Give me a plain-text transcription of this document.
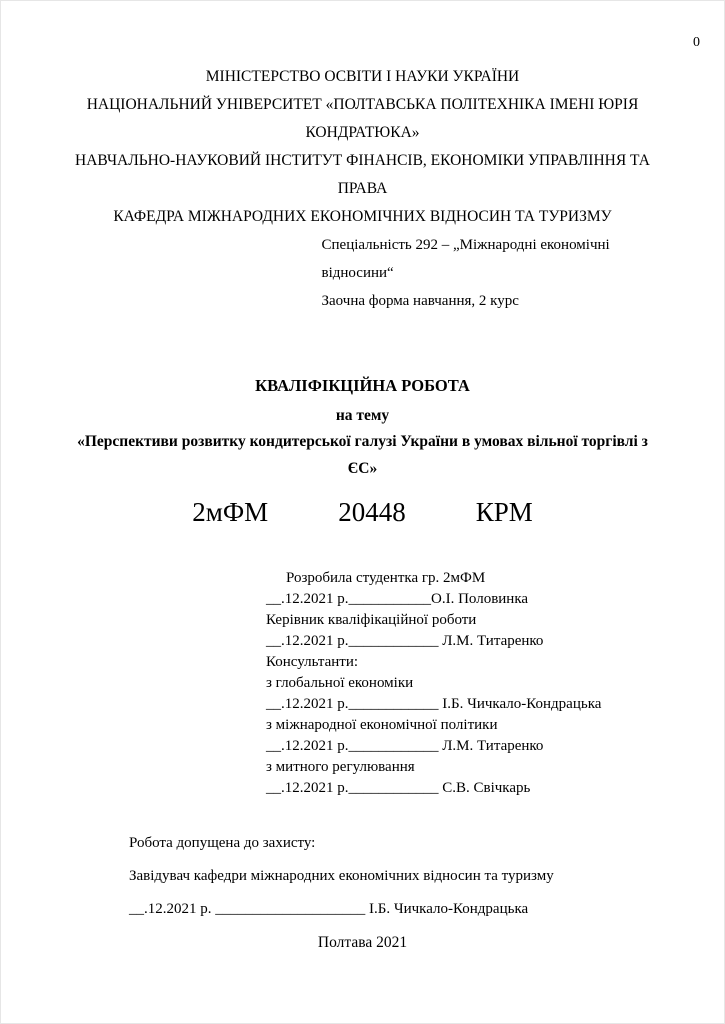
0
МІНІСТЕРСТВО ОСВІТИ І НАУКИ УКРАЇНИ
НАЦІОНАЛЬНИЙ УНІВЕРСИТЕТ «ПОЛТАВСЬКА ПОЛІТЕХНІКА ІМЕНІ ЮРІЯ КОНДРАТЮКА»
НАВЧАЛЬНО-НАУКОВИЙ ІНСТИТУТ ФІНАНСІВ, ЕКОНОМІКИ УПРАВЛІННЯ ТА ПРАВА
КАФЕДРА МІЖНАРОДНИХ ЕКОНОМІЧНИХ ВІДНОСИН ТА ТУРИЗМУ
Спеціальність 292 – „Міжнародні економічні відносини“
Заочна форма навчання, 2 курс
КВАЛІФІКЦІЙНА РОБОТА
на тему
«Перспективи розвитку кондитерської галузі України в умовах вільної торгівлі з ЄС»
2мФМ	20448	КРМ
Розробила студентка гр. 2мФМ
__.12.2021 р.___________О.І. Половинка
Керівник кваліфікаційної роботи
__.12.2021 р.____________ Л.М. Титаренко
Консультанти:
з глобальної економіки
__.12.2021 р.____________ І.Б. Чичкало-Кондрацька
з міжнародної економічної політики
__.12.2021 р.____________ Л.М. Титаренко
з митного регулювання
__.12.2021 р.____________ С.В. Свічкарь
Робота допущена до захисту:
Завідувач кафедри міжнародних економічних відносин та туризму
__.12.2021 р. ____________________ І.Б. Чичкало-Кондрацька
Полтава 2021
